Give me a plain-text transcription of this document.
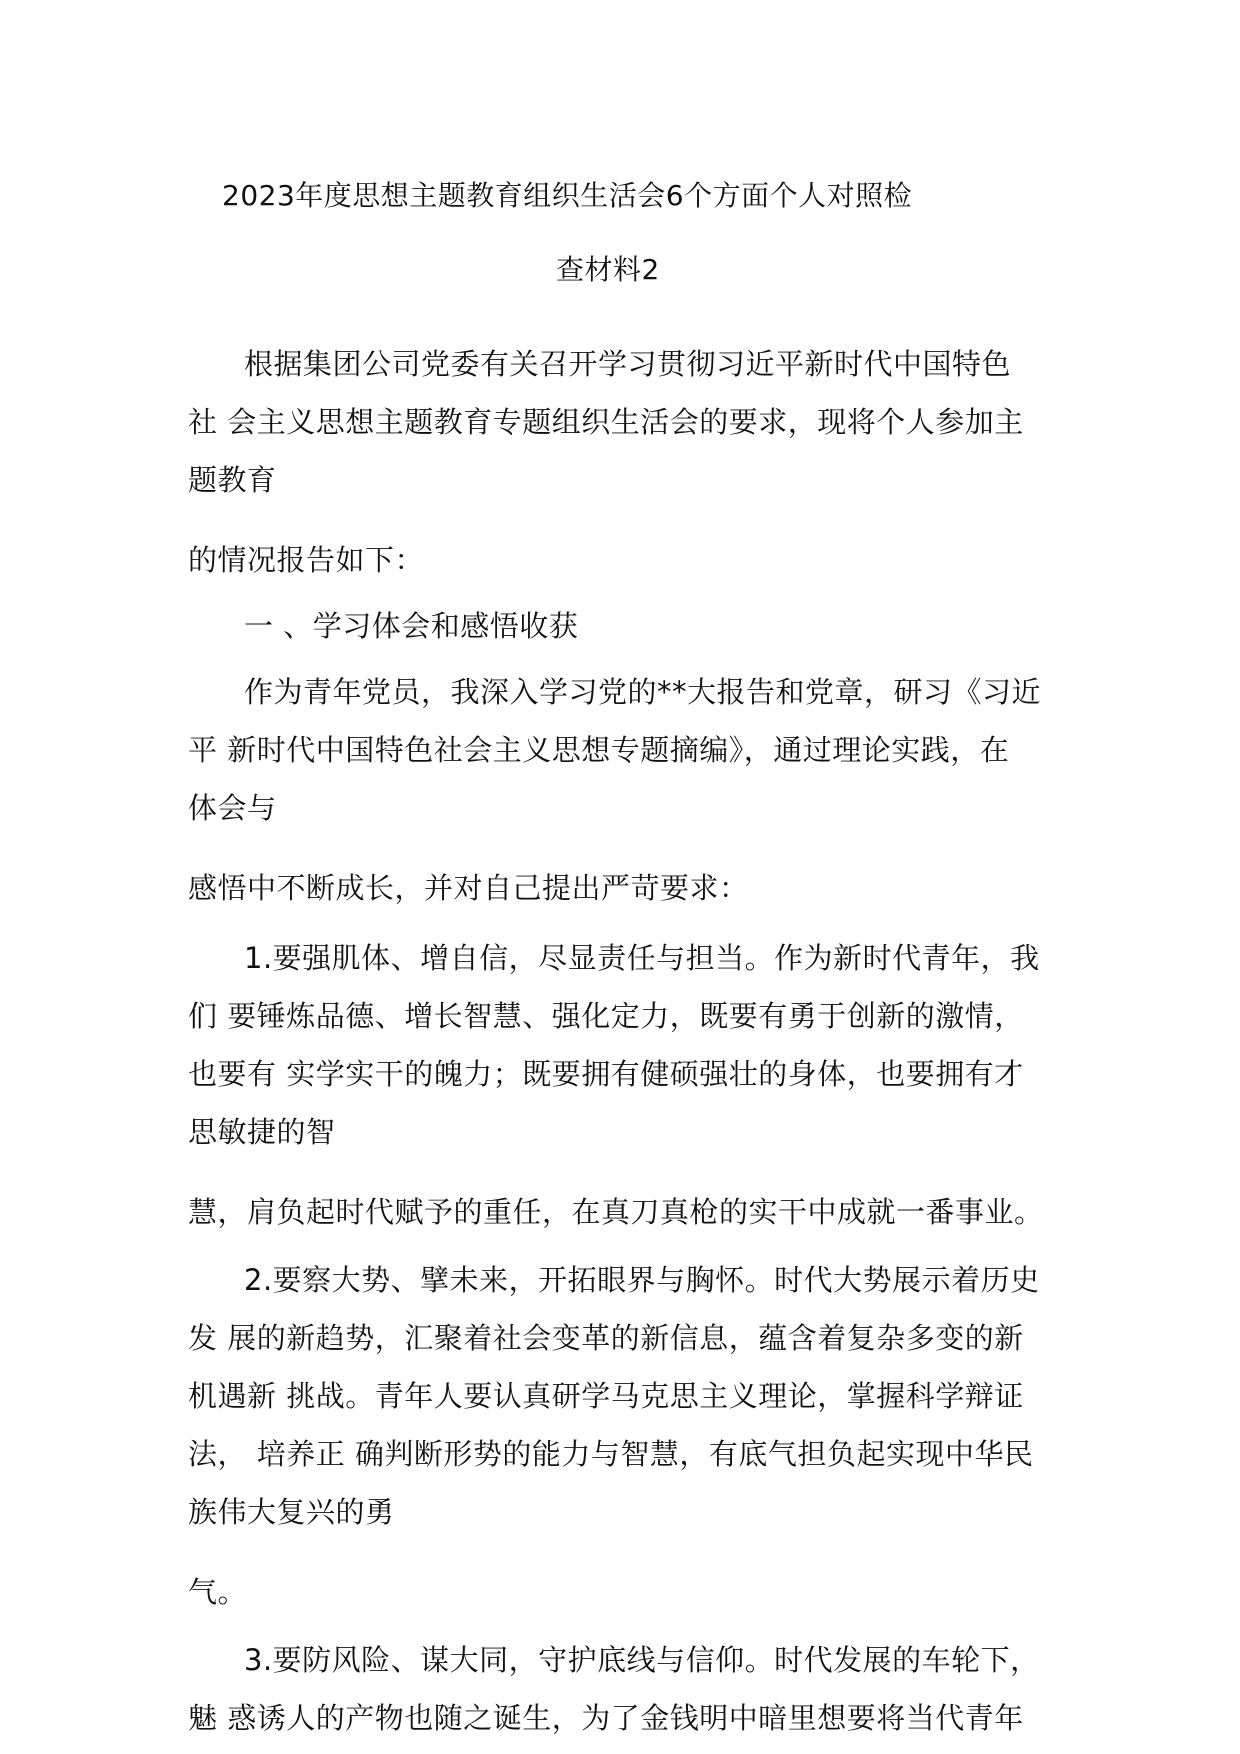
2023年度思想主题教育组织生活会6个方面个人对照检
查材料2
根据集团公司党委有关召开学习贯彻习近平新时代中国特色
社 会主义思想主题教育专题组织生活会的要求，现将个人参加主
题教育
的情况报告如下：
一 、学习体会和感悟收获
作为青年党员，我深入学习党的**大报告和党章，研习《习近
平 新时代中国特色社会主义思想专题摘编》，通过理论实践，在
体会与
感悟中不断成长，并对自己提出严苛要求：
1.要强肌体、增自信，尽显责任与担当。作为新时代青年，我
们 要锤炼品德、增长智慧、强化定力，既要有勇于创新的激情，
也要有 实学实干的魄力；既要拥有健硕强壮的身体，也要拥有才
思敏捷的智
慧，肩负起时代赋予的重任，在真刀真枪的实干中成就一番事业。
2.要察大势、擘未来，开拓眼界与胸怀。时代大势展示着历史
发 展的新趋势，汇聚着社会变革的新信息，蕴含着复杂多变的新
机遇新 挑战。青年人要认真研学马克思主义理论，掌握科学辩证
法， 培养正 确判断形势的能力与智慧，有底气担负起实现中华民
族伟大复兴的勇
气。
3.要防风险、谋大同，守护底线与信仰。时代发展的车轮下，
魅 惑诱人的产物也随之诞生，为了金钱明中暗里想要将当代青年
